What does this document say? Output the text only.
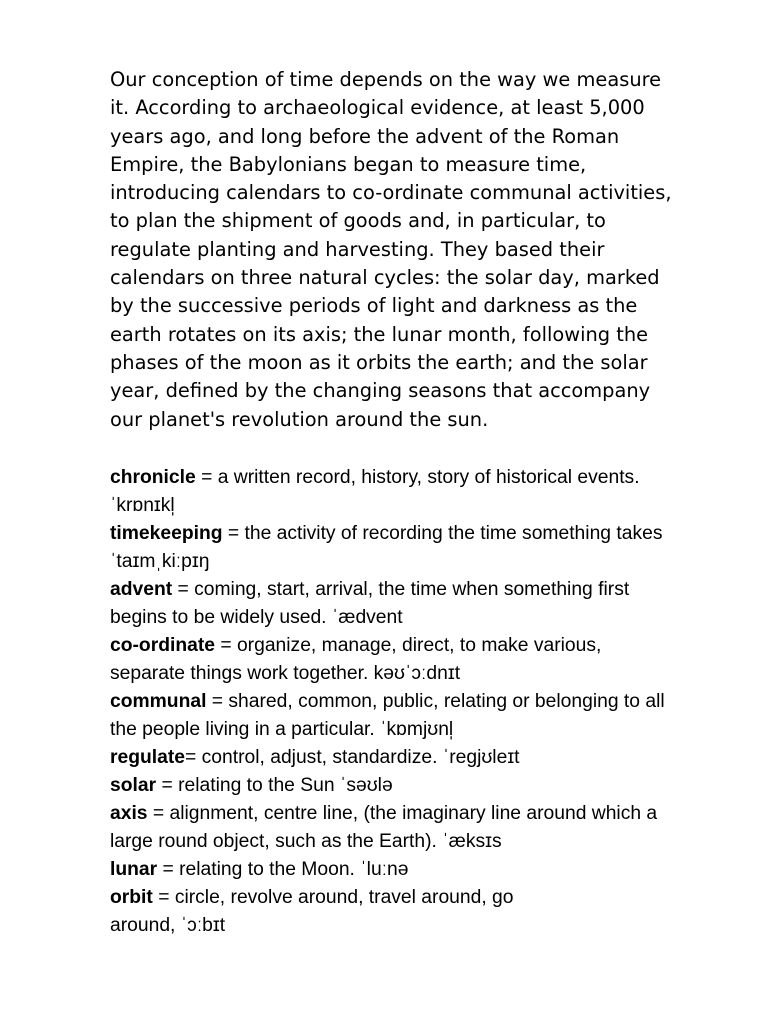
Our conception of time depends on the way we measure
it. According to archaeological evidence, at least 5,000
years ago, and long before the advent of the Roman
Empire, the Babylonians began to measure time,
introducing calendars to co-ordinate communal activities,
to plan the shipment of goods and, in particular, to
regulate planting and harvesting. They based their
calendars on three natural cycles: the solar day, marked
by the successive periods of light and darkness as the
earth rotates on its axis; the lunar month, following the
phases of the moon as it orbits the earth; and the solar
year, defined by the changing seasons that accompany
our planet's revolution around the sun.

chronicle = a written record, history, story of historical events.
ˈkrɒnɪkl̩
timekeeping = the activity of recording the time something takes
ˈtaɪmˌkiːpɪŋ
advent = coming, start, arrival, the time when something first
begins to be widely used. ˈædvent
co-ordinate = organize, manage, direct, to make various,
separate things work together. kəʊˈɔːdnɪt
communal = shared, common, public, relating or belonging to all
the people living in a particular. ˈkɒmjʊnl̩
regulate= control, adjust, standardize. ˈregjʊleɪt
solar = relating to the Sun ˈsəʊlə
axis = alignment, centre line, (the imaginary line around which a
large round object, such as the Earth). ˈæksɪs
lunar = relating to the Moon. ˈluːnə
orbit = circle, revolve around, travel around, go
around, ˈɔːbɪt
